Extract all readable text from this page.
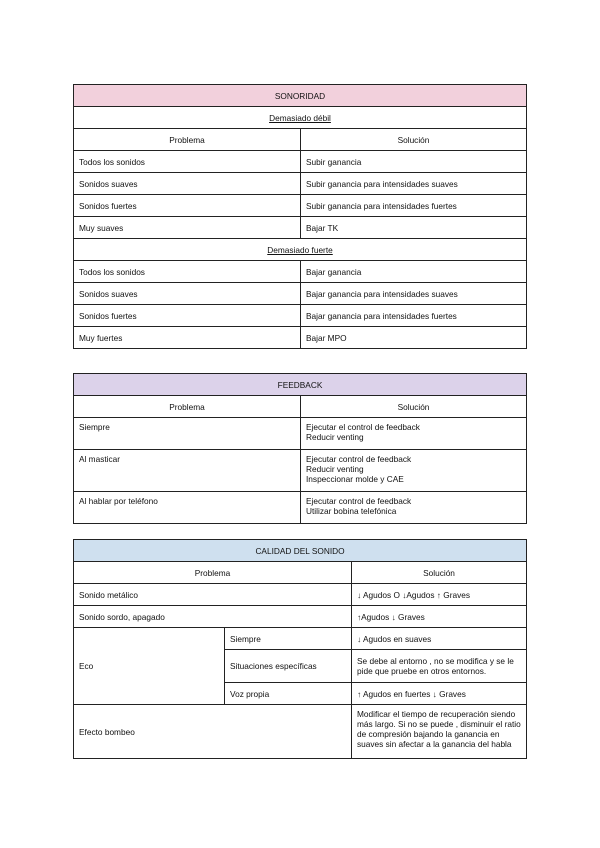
SONORIDAD	
Demasiado débil	
Problema	Solución
Todos los sonidos	Subir ganancia
Sonidos suaves	Subir ganancia para intensidades suaves
Sonidos fuertes	Subir ganancia para intensidades fuertes
Muy suaves	Bajar TK
Demasiado fuerte	
Todos los sonidos	Bajar ganancia
Sonidos suaves	Bajar ganancia para intensidades suaves
Sonidos fuertes	Bajar ganancia para intensidades fuertes
Muy fuertes	Bajar MPO
FEEDBACK	
Problema	Solución
Siempre	Ejecutar el control de feedback
Reducir venting

Al masticar	Ejecutar control de feedback
Reducir venting
Inspeccionar molde y CAE

Al hablar por teléfono	Ejecutar control de feedback
Utilizar bobina telefónica
CALIDAD DEL SONIDO		
Problema		Solución
Sonido metálico		↓ Agudos O ↓Agudos ↑ Graves
Sonido sordo, apagado		↑Agudos ↓ Graves
Eco	Siempre	↓ Agudos en suaves
	Situaciones específicas	Se debe al entorno , no se modifica y se le pide que pruebe en otros entornos.
	Voz propia	↑ Agudos en fuertes ↓ Graves
Efecto bombeo		Modificar el tiempo de recuperación siendo más largo. Si no se puede , disminuir el ratio de compresión bajando la ganancia en suaves sin afectar a la ganancia del habla
